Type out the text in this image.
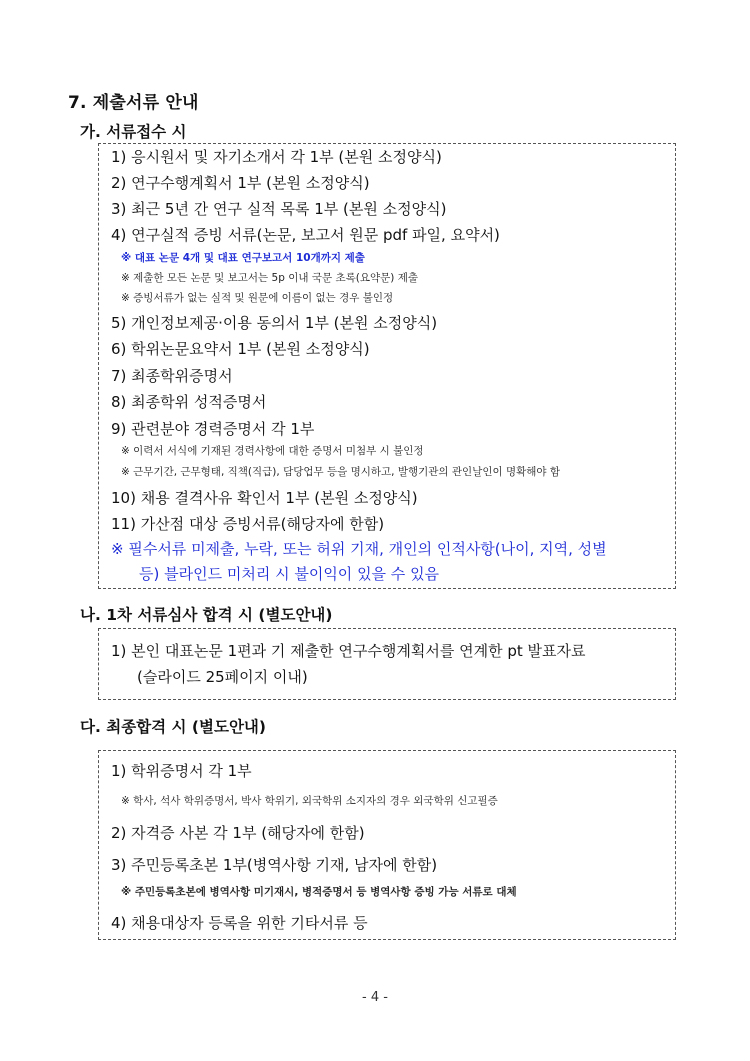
7. 제출서류 안내
가. 서류접수 시
1) 응시원서 및 자기소개서 각 1부 (본원 소정양식)
2) 연구수행계획서 1부 (본원 소정양식)
3) 최근 5년 간 연구 실적 목록 1부 (본원 소정양식)
4) 연구실적 증빙 서류(논문, 보고서 원문 pdf 파일, 요약서)
※ 대표 논문 4개 및 대표 연구보고서 10개까지 제출
※ 제출한 모든 논문 및 보고서는 5p 이내 국문 초록(요약문) 제출
※ 증빙서류가 없는 실적 및 원문에 이름이 없는 경우 불인정
5) 개인정보제공·이용 동의서 1부 (본원 소정양식)
6) 학위논문요약서 1부 (본원 소정양식)
7) 최종학위증명서
8) 최종학위 성적증명서
9) 관련분야 경력증명서 각 1부
※ 이력서 서식에 기재된 경력사항에 대한 증명서 미첨부 시 불인정
※ 근무기간, 근무형태, 직책(직급), 담당업무 등을 명시하고, 발행기관의 관인날인이 명확해야 함
10) 채용 결격사유 확인서 1부 (본원 소정양식)
11) 가산점 대상 증빙서류(해당자에 한함)
※ 필수서류 미제출, 누락, 또는 허위 기재, 개인의 인적사항(나이, 지역, 성별
등) 블라인드 미처리 시 불이익이 있을 수 있음
나. 1차 서류심사 합격 시 (별도안내)
1) 본인 대표논문 1편과 기 제출한 연구수행계획서를 연계한 pt 발표자료
(슬라이드 25페이지 이내)
다. 최종합격 시 (별도안내)
1) 학위증명서 각 1부
※ 학사, 석사 학위증명서, 박사 학위기, 외국학위 소지자의 경우 외국학위 신고필증
2) 자격증 사본 각 1부 (해당자에 한함)
3) 주민등록초본 1부(병역사항 기재, 남자에 한함)
※ 주민등록초본에 병역사항 미기재시, 병적증명서 등 병역사항 증빙 가능 서류로 대체
4) 채용대상자 등록을 위한 기타서류 등
- 4 -
